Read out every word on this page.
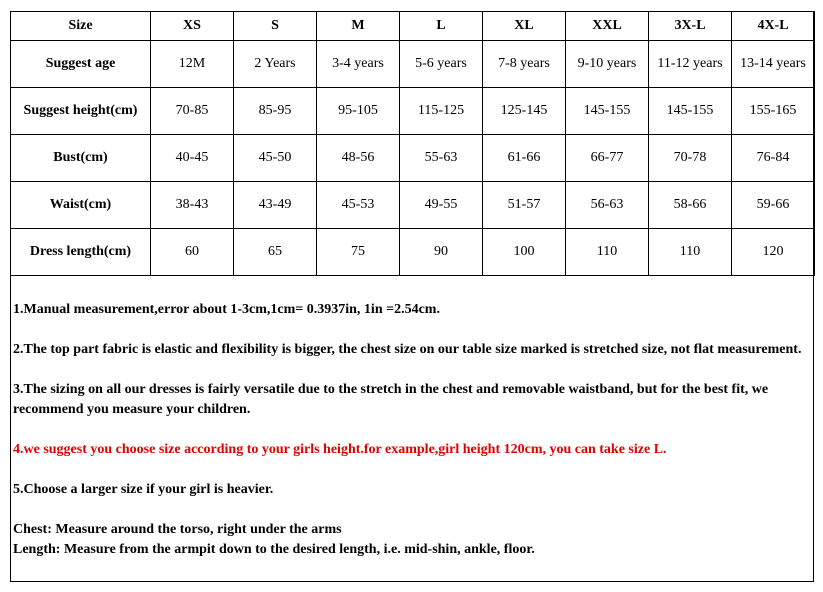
Size	XS	S	M	L	XL	XXL	3X-L	4X-L
Suggest age	12M	2 Years	3-4 years	5-6 years	7-8 years	9-10 years	11-12 years	13-14 years
Suggest height(cm)	70-85	85-95	95-105	115-125	125-145	145-155	145-155	155-165
Bust(cm)	40-45	45-50	48-56	55-63	61-66	66-77	70-78	76-84
Waist(cm)	38-43	43-49	45-53	49-55	51-57	56-63	58-66	59-66
Dress length(cm)	60	65	75	90	100	110	110	120

1.Manual measurement,error about 1-3cm,1cm= 0.3937in, 1in =2.54cm.

2.The top part fabric is elastic and flexibility is bigger, the chest size on our table size marked is stretched size, not flat measurement.

3.The sizing on all our dresses is fairly versatile due to the stretch in the chest and removable waistband, but for the best fit, we recommend you measure your children.

4.we suggest you choose size according to your girls height.for example,girl height 120cm, you can take size L.

5.Choose a larger size if your girl is heavier.

Chest: Measure around the torso, right under the arms

Length: Measure from the armpit down to the desired length, i.e. mid-shin, ankle, floor.
